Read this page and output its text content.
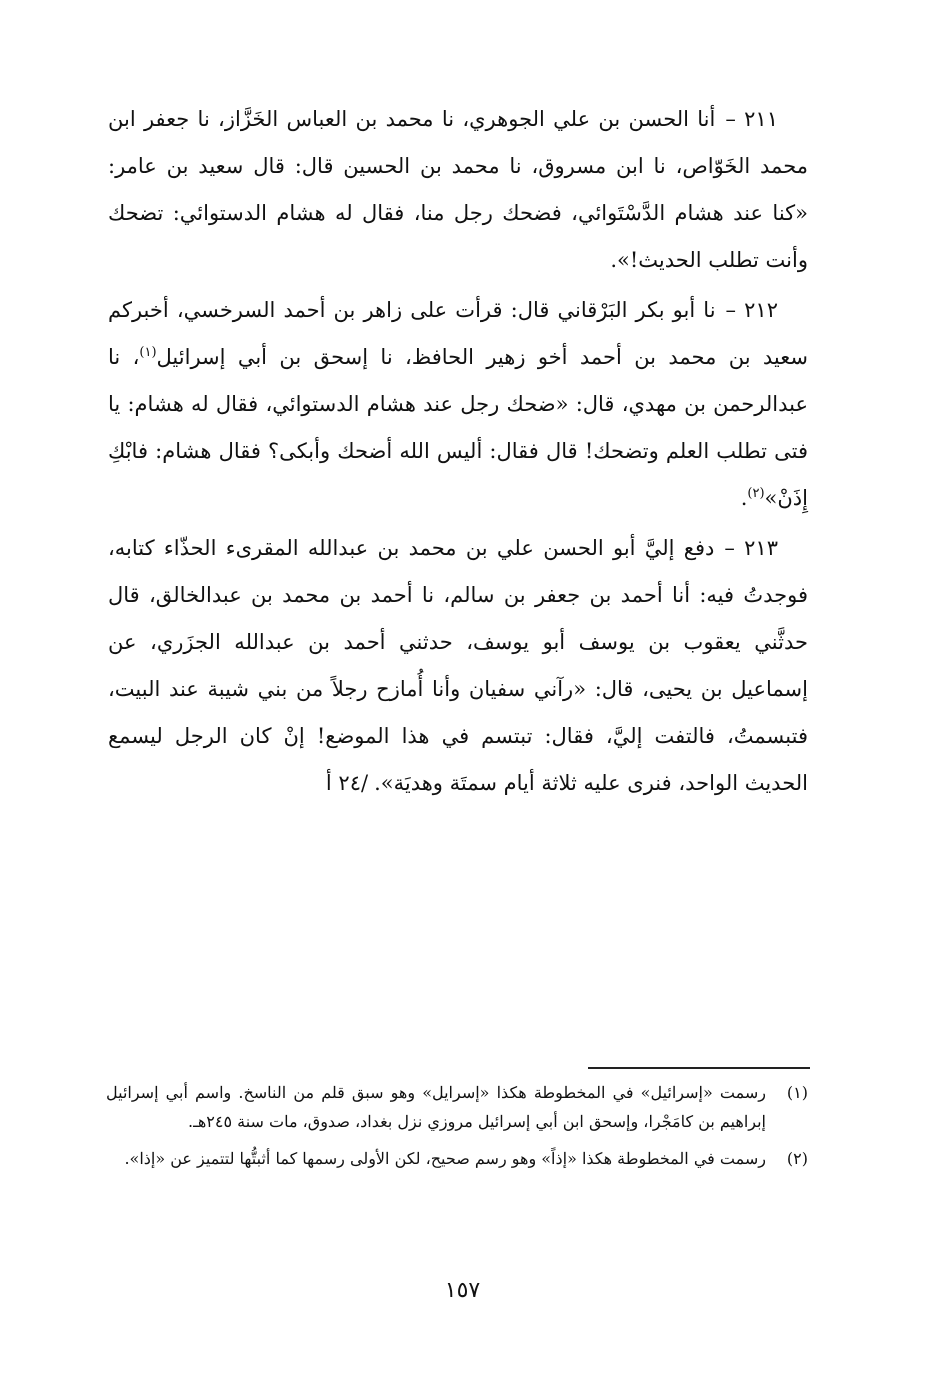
٢١١ –أنا الحسن بن علي الجوهري، نا محمد بن العباس الخَزَّاز، نا جعفر ابن محمد الخَوّاص، نا ابن مسروق، نا محمد بن الحسين قال: قال سعيد بن عامر: «كنا عند هشام الدَّسْتَوائي، فضحك رجل منا، فقال له هشام الدستوائي: تضحك وأنت تطلب الحديث!».

٢١٢ –نا أبو بكر البَرْقاني قال: قرأت على زاهر بن أحمد السرخسي، أخبركم سعيد بن محمد بن أحمد أخو زهير الحافظ، نا إسحق بن أبي إسرائيل$^{(١)}$، نا عبدالرحمن بن مهدي، قال: «ضحك رجل عند هشام الدستوائي، فقال له هشام: يا فتى تطلب العلم وتضحك! قال فقال: أليس الله أضحك وأبكى؟ فقال هشام: فابْكِ إِذَنْ»$^{(٢)}$.

٢١٣ –دفع إليَّ أبو الحسن علي بن محمد بن عبدالله المقرىء الحذّاء كتابه، فوجدتُ فيه: أنا أحمد بن جعفر بن سالم، نا أحمد بن محمد بن عبدالخالق، قال حدثَّني يعقوب بن يوسف أبو يوسف، حدثني أحمد بن عبدالله الجزَري، عن إسماعيل بن يحيى، قال: «رآني سفيان وأنا أُمازح رجلاً من بني شيبة عند البيت، فتبسمتُ، فالتفت إليَّ، فقال: تبتسم في هذا الموضع! إنْ كان الرجل ليسمع الحديث الواحد، فنرى عليه ثلاثة أيام سمتَة وهديَة»./٢٤ أ

(١)
رسمت «إسرائيل» في المخطوطة هكذا «إسرايل» وهو سبق قلم من الناسخ. واسم أبي إسرائيل إبراهيم بن كامَجْرا، وإسحق ابن أبي إسرائيل مروزي نزل بغداد، صدوق، مات سنة ٢٤٥هـ.
(٢)
رسمت في المخطوطة هكذا «إذاً» وهو رسم صحيح، لكن الأولى رسمها كما أثبتُّها لتتميز عن «إذا».
١٥٧
